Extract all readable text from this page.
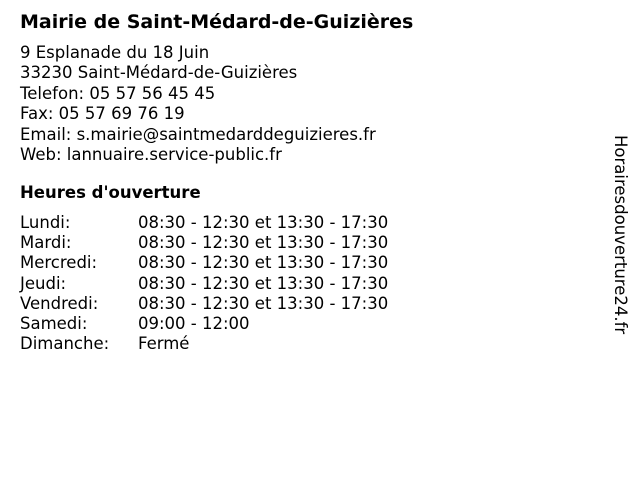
Mairie de Saint-Médard-de-Guizières
9 Esplanade du 18 Juin
33230 Saint-Médard-de-Guizières
Telefon: 05 57 56 45 45
Fax: 05 57 69 76 19
Email: s.mairie@saintmedarddeguizieres.fr
Web: lannuaire.service-public.fr
Heures d'ouverture
Lundi:	08:30 - 12:30 et 13:30 - 17:30
Mardi:	08:30 - 12:30 et 13:30 - 17:30
Mercredi: 08:30 - 12:30 et 13:30 - 17:30
Jeudi:	08:30 - 12:30 et 13:30 - 17:30
Vendredi: 08:30 - 12:30 et 13:30 - 17:30
Samedi:	09:00 - 12:00
Dimanche: Fermé
Horairesdouverture24.fr
